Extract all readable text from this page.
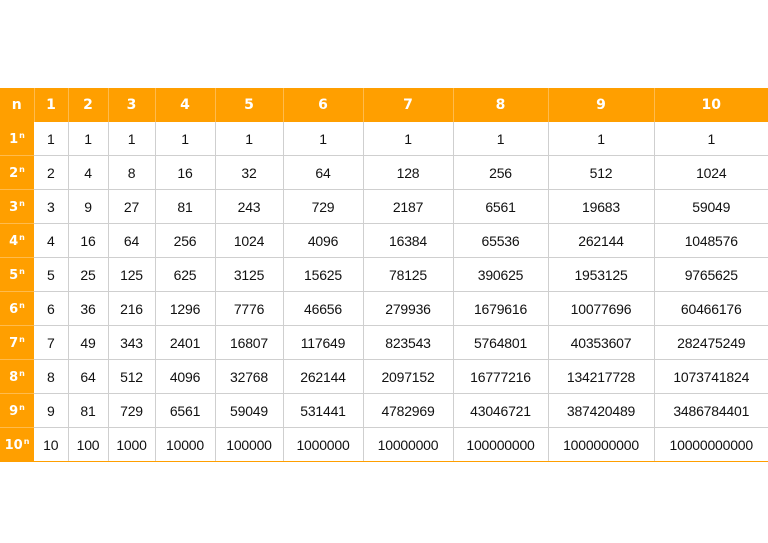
n	1	2	3	4	5	6	7	8	9	10
1$^n$	1	1	1	1	1	1	1	1	1	1
2$^n$	2	4	8	16	32	64	128	256	512	1024
3$^n$	3	9	27	81	243	729	2187	6561	19683	59049
4$^n$	4	16	64	256	1024	4096	16384	65536	262144	1048576
5$^n$	5	25	125	625	3125	15625	78125	390625	1953125	9765625
6$^n$	6	36	216	1296	7776	46656	279936	1679616	10077696	60466176
7$^n$	7	49	343	2401	16807	117649	823543	5764801	40353607	282475249
8$^n$	8	64	512	4096	32768	262144	2097152	16777216	134217728	1073741824
9$^n$	9	81	729	6561	59049	531441	4782969	43046721	387420489	3486784401
10$^n$	10	100	1000	10000	100000	1000000	10000000	100000000	1000000000	10000000000
